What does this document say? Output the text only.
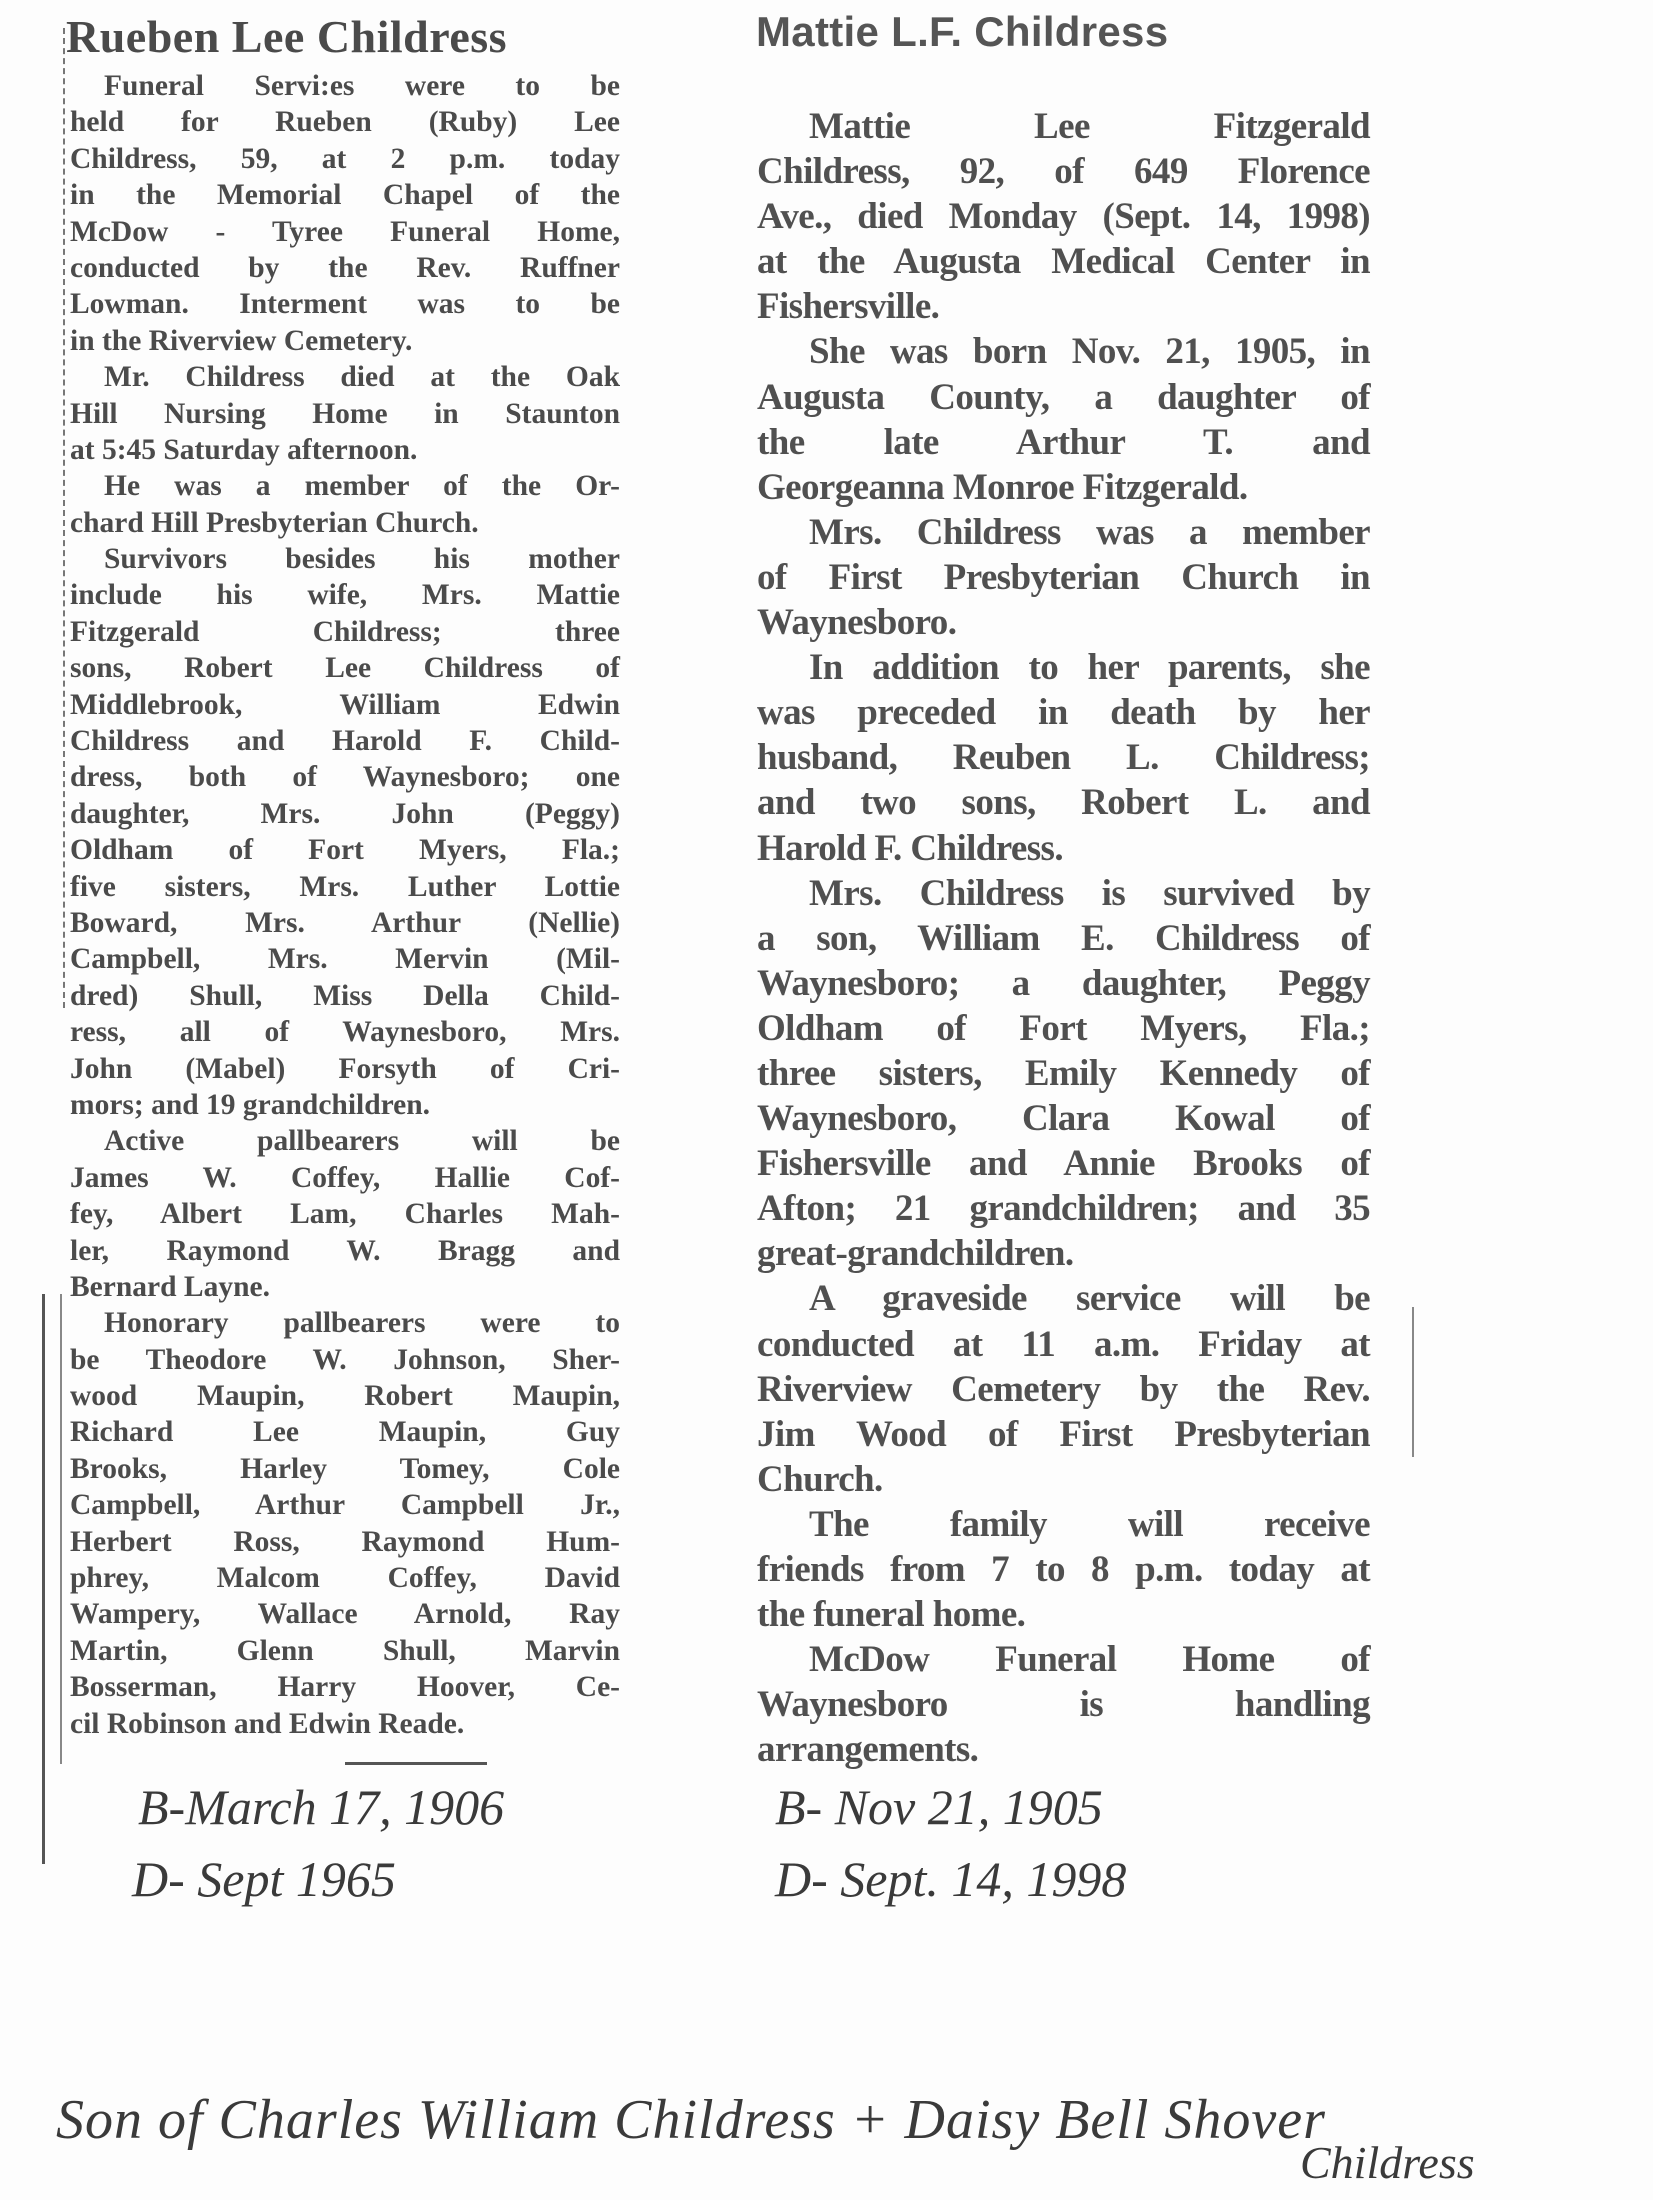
Rueben Lee Childress
Funeral Servi:es were to be
held for Rueben (Ruby) Lee
Childress, 59, at 2 p.m. today
in the Memorial Chapel of the
McDow - Tyree Funeral Home,
conducted by the Rev. Ruffner
Lowman. Interment was to be
in the Riverview Cemetery.
Mr. Childress died at the Oak
Hill Nursing Home in Staunton
at 5:45 Saturday afternoon.
He was a member of the Or-
chard Hill Presbyterian Church.
Survivors besides his mother
include his wife, Mrs. Mattie
Fitzgerald Childress; three
sons, Robert Lee Childress of
Middlebrook, William Edwin
Childress and Harold F. Child-
dress, both of Waynesboro; one
daughter, Mrs. John (Peggy)
Oldham of Fort Myers, Fla.;
five sisters, Mrs. Luther Lottie
Boward, Mrs. Arthur (Nellie)
Campbell, Mrs. Mervin (Mil-
dred) Shull, Miss Della Child-
ress, all of Waynesboro, Mrs.
John (Mabel) Forsyth of Cri-
mors; and 19 grandchildren.
Active pallbearers will be
James W. Coffey, Hallie Cof-
fey, Albert Lam, Charles Mah-
ler, Raymond W. Bragg and
Bernard Layne.
Honorary pallbearers were to
be Theodore W. Johnson, Sher-
wood Maupin, Robert Maupin,
Richard Lee Maupin, Guy
Brooks, Harley Tomey, Cole
Campbell, Arthur Campbell Jr.,
Herbert Ross, Raymond Hum-
phrey, Malcom Coffey, David
Wampery, Wallace Arnold, Ray
Martin, Glenn Shull, Marvin
Bosserman, Harry Hoover, Ce-
cil Robinson and Edwin Reade.
Mattie L.F. Childress
Mattie Lee Fitzgerald
Childress, 92, of 649 Florence
Ave., died Monday (Sept. 14, 1998)
at the Augusta Medical Center in
Fishersville.
She was born Nov. 21, 1905, in
Augusta County, a daughter of
the late Arthur T. and
Georgeanna Monroe Fitzgerald.
Mrs. Childress was a member
of First Presbyterian Church in
Waynesboro.
In addition to her parents, she
was preceded in death by her
husband, Reuben L. Childress;
and two sons, Robert L. and
Harold F. Childress.
Mrs. Childress is survived by
a son, William E. Childress of
Waynesboro; a daughter, Peggy
Oldham of Fort Myers, Fla.;
three sisters, Emily Kennedy of
Waynesboro, Clara Kowal of
Fishersville and Annie Brooks of
Afton; 21 grandchildren; and 35
great-grandchildren.
A graveside service will be
conducted at 11 a.m. Friday at
Riverview Cemetery by the Rev.
Jim Wood of First Presbyterian
Church.
The family will receive
friends from 7 to 8 p.m. today at
the funeral home.
McDow Funeral Home of
Waynesboro is handling
arrangements.
B-March 17, 1906
D- Sept 1965
B- Nov 21, 1905
D- Sept. 14, 1998
Son of Charles William Childress + Daisy Bell Shover
Childress
